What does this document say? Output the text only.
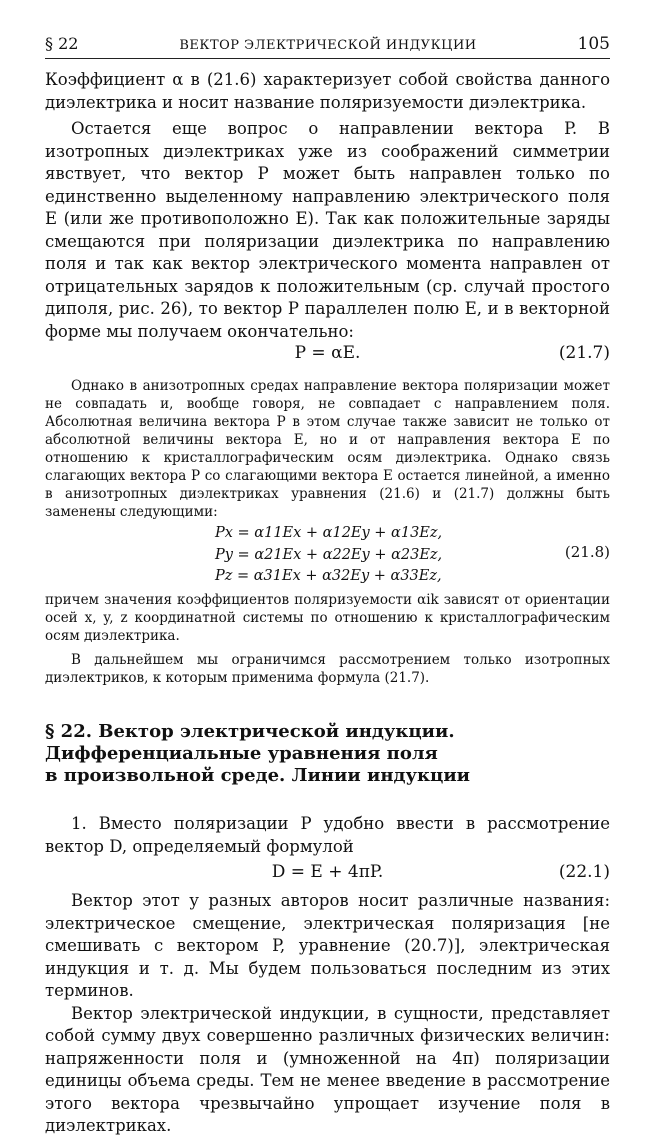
§ 22	ВЕКТОР ЭЛЕКТРИЧЕСКОЙ ИНДУКЦИИ	105

Коэффициент α в (21.6) характеризует собой свойства данного диэлектрика и носит название поляризуемости диэлектрика.

Остается еще вопрос о направлении вектора P. В изотропных диэлектриках уже из соображений симметрии явствует, что вектор P может быть направлен только по единственно выделенному направлению электрического поля E (или же противоположно E). Так как положительные заряды смещаются при поляризации диэлектрика по направлению поля и так как вектор электрического момента направлен от отрицательных зарядов к положительным (ср. случай простого диполя, рис. 26), то вектор P параллелен полю E, и в векторной форме мы получаем окончательно:

P = αE.	(21.7)

Однако в анизотропных средах направление вектора поляризации может не совпадать и, вообще говоря, не совпадает с направлением поля. Абсолютная величина вектора P в этом случае также зависит не только от абсолютной величины вектора E, но и от направления вектора E по отношению к кристаллографическим осям диэлектрика. Однако связь слагающих вектора P со слагающими вектора E остается линейной, а именно в анизотропных диэлектриках уравнения (21.6) и (21.7) должны быть заменены следующими:

Px = α11Ex + α12Ey + α13Ez,
Py = α21Ex + α22Ey + α23Ez,
Pz = α31Ex + α32Ey + α33Ez,
(21.8)

причем значения коэффициентов поляризуемости αik зависят от ориентации осей x, y, z координатной системы по отношению к кристаллографическим осям диэлектрика.

В дальнейшем мы ограничимся рассмотрением только изотропных диэлектриков, к которым применима формула (21.7).

§ 22. Вектор электрической индукции.
Дифференциальные уравнения поля
в произвольной среде. Линии индукции

1. Вместо поляризации P удобно ввести в рассмотрение вектор D, определяемый формулой

D = E + 4πP.	(22.1)

Вектор этот у разных авторов носит различные названия: электрическое смещение, электрическая поляризация [не смешивать с вектором P, уравнение (20.7)], электрическая индукция и т. д. Мы будем пользоваться последним из этих терминов.

Вектор электрической индукции, в сущности, представляет собой сумму двух совершенно различных физических величин: напряженности поля и (умноженной на 4π) поляризации единицы объема среды. Тем не менее введение в рассмотрение этого вектора чрезвычайно упрощает изучение поля в диэлектриках.
